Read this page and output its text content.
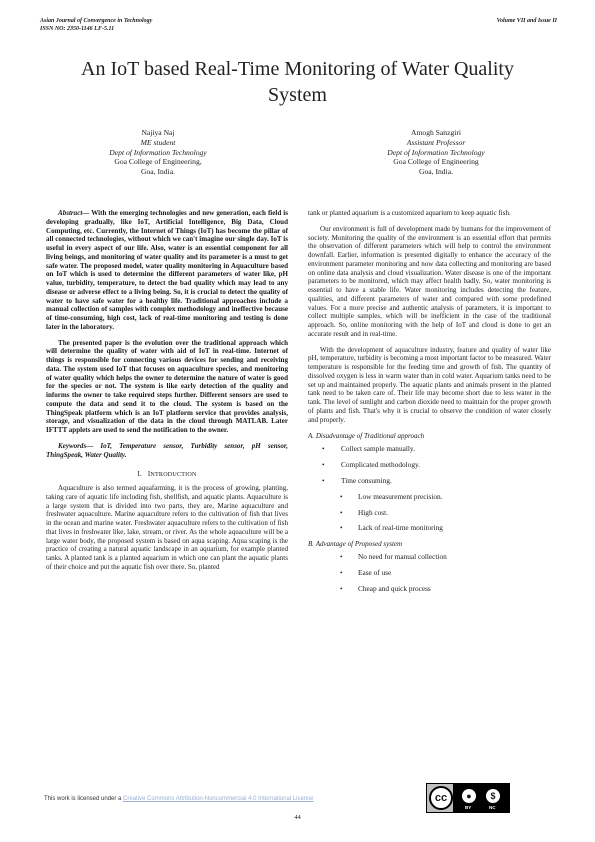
Asian Journal of Convergence in Technology
ISSN NO: 2350-1146 I.F-5.11
Volume VII and Issue II
An IoT based Real-Time Monitoring of Water Quality System
Najiya Naj
ME student
Dept of Information Technology
Goa College of Engineering,
Goa, India.
Amogh Sanzgiri
Assistant Professor
Dept of Information Technology
Goa College of Engineering
Goa, India.

Abstract— With the emerging technologies and new generation, each field is developing gradually, like IoT, Artificial Intelligence, Big Data, Cloud Computing, etc. Currently, the Internet of Things (IoT) has become the pillar of all connected technologies, without which we can't imagine our single day. IoT is useful in every aspect of our life. Also, water is an essential component for all living beings, and monitoring of water quality and its parameter is a must to get safe water. The proposed model, water quality monitoring in Aquaculture based on IoT which is used to determine the different parameters of water like, pH value, turbidity, temperature, to detect the bad quality which may lead to any disease or adverse effect to a living being. So, it is crucial to detect the quality of water to have safe water for a healthy life. Traditional approaches include a manual collection of samples with complex methodology and ineffective because of time-consuming, high cost, lack of real-time monitoring and testing is done later in the laboratory.

The presented paper is the evolution over the traditional approach which will determine the quality of water with aid of IoT in real-time. Internet of things is responsible for connecting various devices for sending and receiving data. The system used IoT that focuses on aquaculture species, and monitoring of water quality which helps the owner to determine the nature of water is good for the species or not. The system is like early detection of the quality and informs the owner to take required steps further. Different sensors are used to compute the data and send it to the cloud. The system is based on the ThingSpeak platform which is an IoT platform service that provides analysis, storage, and visualization of the data in the cloud through MATLAB. Later IFTTT applets are used to send the notification to the owner.

Keywords— IoT, Temperature sensor, Turbidity sensor, pH sensor, ThingSpeak, Water Quality.

I. INTRODUCTION

Aquaculture is also termed aquafarming, it is the process of growing, planting, taking care of aquatic life including fish, shellfish, and aquatic plants. Aquaculture is a large system that is divided into two parts, they are, Marine aquaculture and freshwater aquaculture. Marine aquaculture refers to the cultivation of fish that lives in the ocean and marine water. Freshwater aquaculture refers to the cultivation of fish that lives in freshwater like, lake, stream, or river. As the whole aquaculture will be a large water body, the proposed system is based on aqua scaping. Aqua scaping is the practice of creating a natural aquatic landscape in an aquarium, for example planted tanks. A planted tank is a planted aquarium in which one can plant the aquatic plants of their choice and put the aquatic fish over there. So, planted

tank or planted aquarium is a customized aquarium to keep aquatic fish.

Our environment is full of development made by humans for the improvement of society. Monitoring the quality of the environment is an essential effort that permits the observation of different parameters which will help to control the environment downfall. Earlier, information is presented digitally to enhance the accuracy of the environment parameter monitoring and now data collecting and monitoring are based on online data analysis and cloud visualization. Water disease is one of the important parameters to be monitored, which may affect health badly. So, water monitoring is essential to have a stable life. Water monitoring includes detecting the feature, qualities, and different parameters of water and compared with some predefined values. For a more precise and authentic analysis of parameters, it is important to collect multiple samples, which will be inefficient in the case of the traditional approach. So, online monitoring with the help of IoT and cloud is done to get an accurate result and in real-time.

With the development of aquaculture industry, feature and quality of water like pH, temperature, turbidity is becoming a most important factor to be measured. Water temperature is responsible for the feeding time and growth of fish. The quantity of dissolved oxygen is less in warm water than in cold water. Aquarium tanks need to be set up and maintained properly. The aquatic plants and animals present in the planted tank need to be taken care of. Their life may become short due to less water in the tank. The level of sunlight and carbon dioxide need to maintain for the proper growth of plants and fish. That's why it is crucial to observe the condition of water closely and properly.

A. Disadvantage of Traditional approach
• Collect sample manually.
• Complicated methodology.
• Time consuming.
• Low measurement precision.
• High cost.
• Lack of real-time monitoring
B. Advantage of Proposed system
• No need for manual collection
• Ease of use
• Cheap and quick process
This work is licensed under a Creative Commons Attribution-Noncommercial 4.0 International License	cc	●	$
BY	NC
44
